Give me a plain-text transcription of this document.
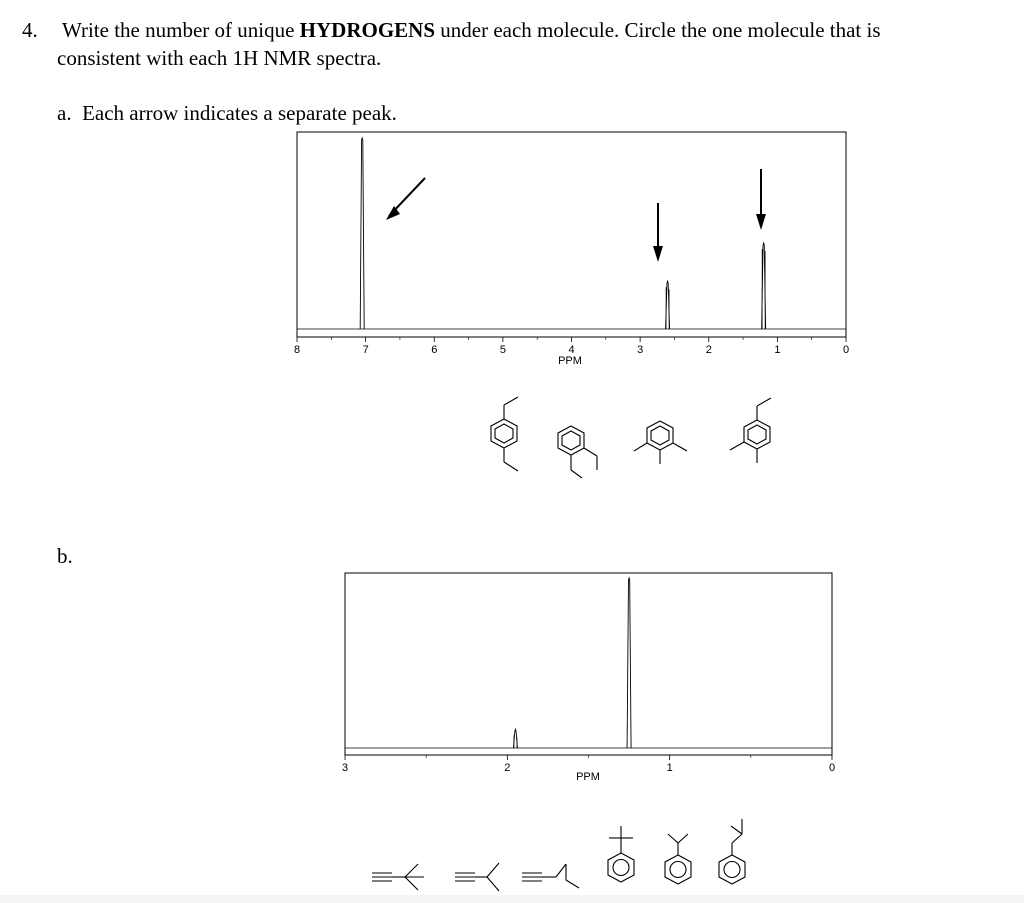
4. Write the number of unique HYDROGENS under each molecule. Circle the one molecule that is
consistent with each 1H NMR spectra.
a. Each arrow indicates a separate peak.
b.
8	7	6	5	4	3	2	1	0
PPM
3	2	1	0
PPM
